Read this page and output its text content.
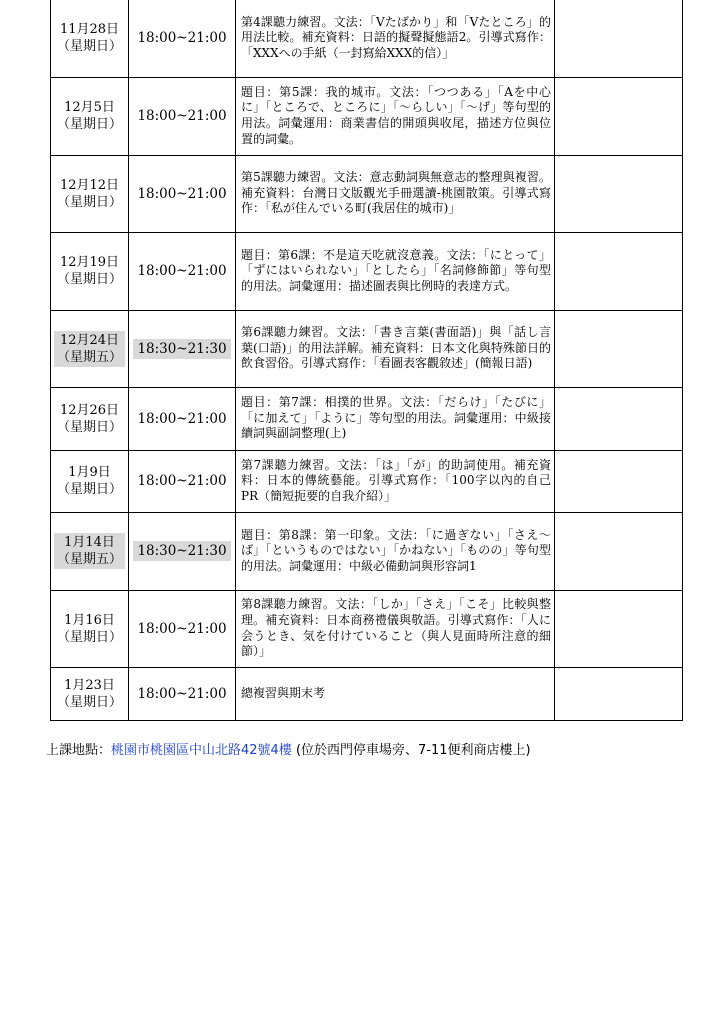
11月28日
（星期日）	18:00~21:00	第4課聽力練習。文法：「Vたばかり」和「Vたところ」的用法比較。補充資料：日語的擬聲擬態語2。引導式寫作：「XXXへの手紙（一封寫給XXX的信）」	

12月5日
（星期日）	18:00~21:00	題目：第5課：我的城市。文法：「つつある」「Aを中心に」「ところで、ところに」「～らしい」「～げ」等句型的用法。詞彙運用：商業書信的開頭與收尾，描述方位與位置的詞彙。	

12月12日
（星期日）	18:00~21:00	第5課聽力練習。文法：意志動詞與無意志的整理與複習。補充資料：台灣日文版觀光手冊選讀-桃園散策。引導式寫作：「私が住んでいる町(我居住的城市)」	

12月19日
（星期日）	18:00~21:00	題目：第6課：不是這天吃就沒意義。文法：「にとって」「ずにはいられない」「としたら」「名詞修飾節」等句型的用法。詞彙運用：描述圖表與比例時的表達方式。	

12月24日
（星期五）	18:30~21:30	第6課聽力練習。文法：「書き言葉(書面語)」與「話し言葉(口語)」的用法詳解。補充資料：日本文化與特殊節日的飲食習俗。引導式寫作：「看圖表客觀敘述」(簡報日語)	

12月26日
（星期日）	18:00~21:00	題目：第7課：相撲的世界。文法：「だらけ」「たびに」「に加えて」「ように」等句型的用法。詞彙運用：中級接續詞與副詞整理(上)	

1月9日
（星期日）	18:00~21:00	第7課聽力練習。文法：「は」「が」的助詞使用。補充資料：日本的傳統藝能。引導式寫作：「100字以內的自己PR（簡短扼要的自我介紹）」	

1月14日
（星期五）	18:30~21:30	題目：第8課：第一印象。文法：「に過ぎない」「さえ～ば」「というものではない」「かねない」「ものの」等句型的用法。詞彙運用：中級必備動詞與形容詞1	

1月16日
（星期日）	18:00~21:00	第8課聽力練習。文法：「しか」「さえ」「こそ」比較與整理。補充資料：日本商務禮儀與敬語。引導式寫作：「人に会うとき、気を付けていること（與人見面時所注意的細節）」	

1月23日
（星期日）	18:00~21:00	總複習與期末考	
上課地點：桃園市桃園區中山北路42號4樓 (位於西門停車場旁、7-11便利商店樓上)
